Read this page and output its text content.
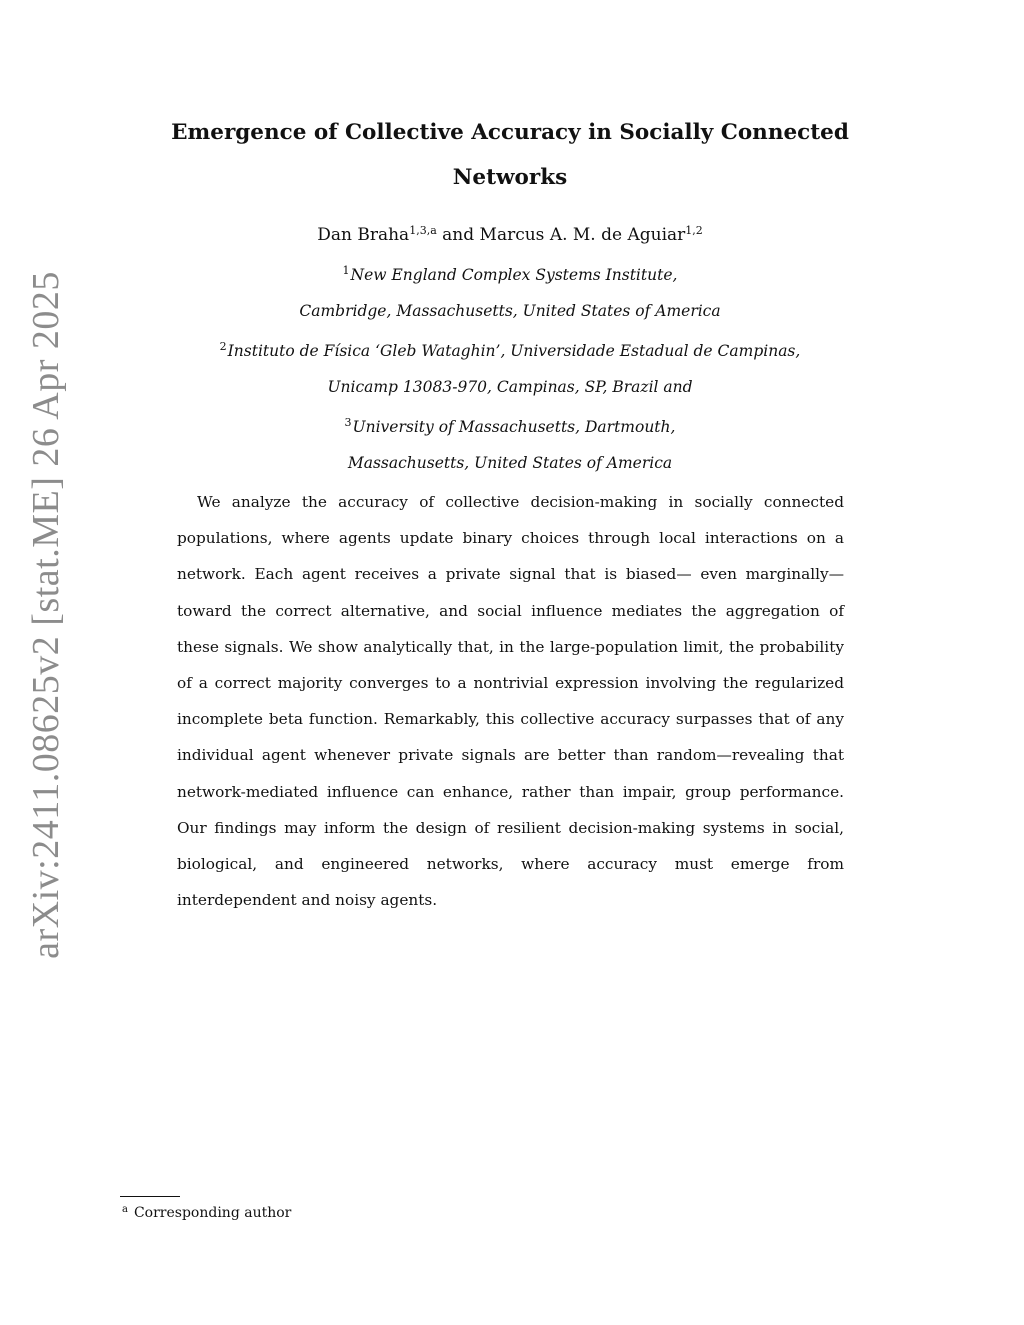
arXiv:2411.08625v2 [stat.ME] 26 Apr 2025
Emergence of Collective Accuracy in Socially Connected Networks
Dan Braha$^{1,3,a}$ and Marcus A. M. de Aguiar$^{1,2}$
$^1$New England Complex Systems Institute,
Cambridge, Massachusetts, United States of America
$^2$Instituto de Física ‘Gleb Wataghin’, Universidade Estadual de Campinas,
Unicamp 13083-970, Campinas, SP, Brazil and
$^3$University of Massachusetts, Dartmouth,
Massachusetts, United States of America

We analyze the accuracy of collective decision-making in socially connected populations, where agents update binary choices through local interactions on a network. Each agent receives a private signal that is biased— even marginally—toward the correct alternative, and social influence mediates the aggregation of these signals. We show analytically that, in the large-population limit, the probability of a correct majority converges to a nontrivial expression involving the regularized incomplete beta function. Remarkably, this collective accuracy surpasses that of any individual agent whenever private signals are better than random—revealing that network-mediated influence can enhance, rather than impair, group performance. Our findings may inform the design of resilient decision-making systems in social, biological, and engineered networks, where accuracy must emerge from interdependent and noisy agents.

$^a$ Corresponding author
